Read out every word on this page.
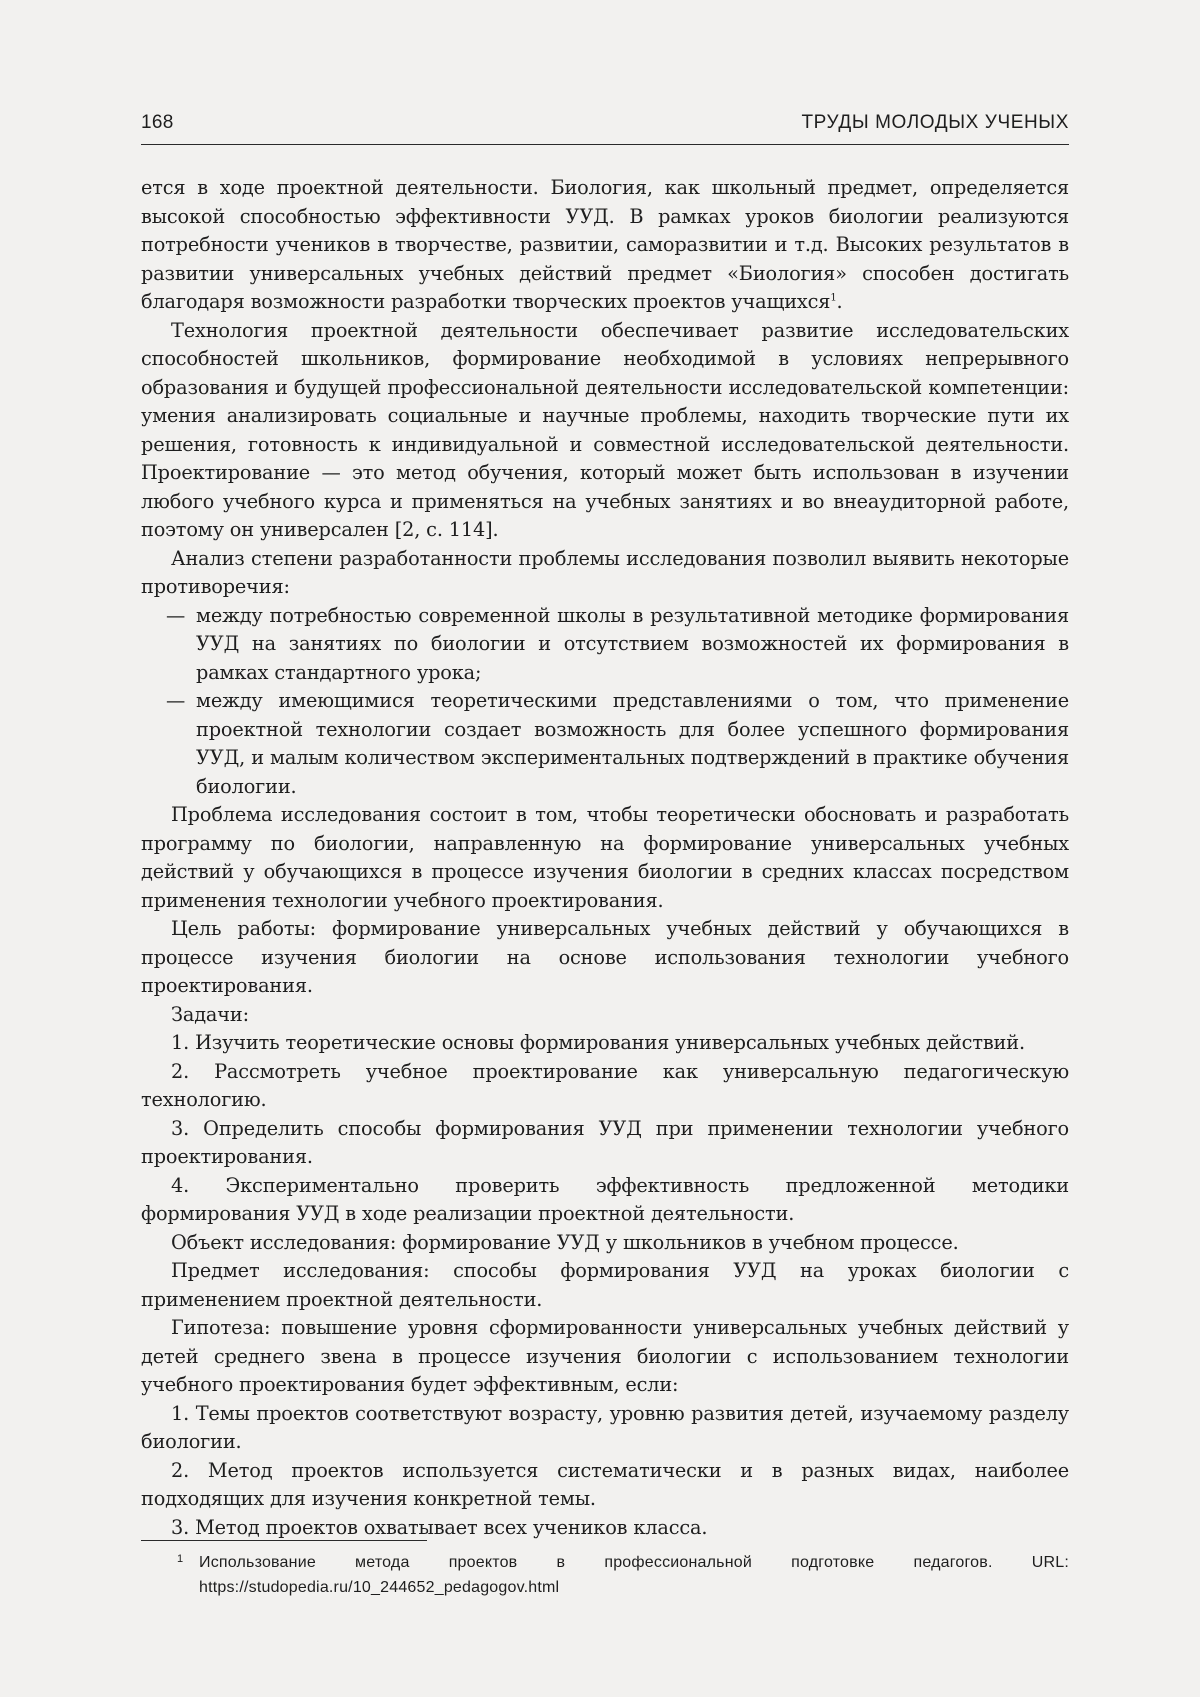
168	ТРУДЫ МОЛОДЫХ УЧЕНЫХ

ется в ходе проектной деятельности. Биология, как школьный предмет, определяется высокой способностью эффективности УУД. В рамках уроков биологии реализуются потребности учеников в творчестве, развитии, саморазвитии и т.д. Высоких результатов в развитии универсальных учебных действий предмет «Биология» способен достигать благодаря возможности разработки творческих проектов учащихся$^1$.

Технология проектной деятельности обеспечивает развитие исследовательских способностей школьников, формирование необходимой в условиях непрерывного образования и будущей профессиональной деятельности исследовательской компетенции: умения анализировать социальные и научные проблемы, находить творческие пути их решения, готовность к индивидуальной и совместной исследовательской деятельности. Проектирование — это метод обучения, который может быть использован в изучении любого учебного курса и применяться на учебных занятиях и во внеаудиторной работе, поэтому он универсален [2, с. 114].

Анализ степени разработанности проблемы исследования позволил выявить некоторые противоречия:

— между потребностью современной школы в результативной методике формирования УУД на занятиях по биологии и отсутствием возможностей их формирования в рамках стандартного урока;
— между имеющимися теоретическими представлениями о том, что применение проектной технологии создает возможность для более успешного формирования УУД, и малым количеством экспериментальных подтверждений в практике обучения биологии.

Проблема исследования состоит в том, чтобы теоретически обосновать и разработать программу по биологии, направленную на формирование универсальных учебных действий у обучающихся в процессе изучения биологии в средних классах посредством применения технологии учебного проектирования.

Цель работы: формирование универсальных учебных действий у обучающихся в процессе изучения биологии на основе использования технологии учебного проектирования.

Задачи:

1. Изучить теоретические основы формирования универсальных учебных действий.

2. Рассмотреть учебное проектирование как универсальную педагогическую технологию.

3. Определить способы формирования УУД при применении технологии учебного проектирования.

4. Экспериментально проверить эффективность предложенной методики формирования УУД в ходе реализации проектной деятельности.

Объект исследования: формирование УУД у школьников в учебном процессе.

Предмет исследования: способы формирования УУД на уроках биологии с применением проектной деятельности.

Гипотеза: повышение уровня сформированности универсальных учебных действий у детей среднего звена в процессе изучения биологии с использованием технологии учебного проектирования будет эффективным, если:

1. Темы проектов соответствуют возрасту, уровню развития детей, изучаемому разделу биологии.

2. Метод проектов используется систематически и в разных видах, наиболее подходящих для изучения конкретной темы.

3. Метод проектов охватывает всех учеников класса.

1 Использование метода проектов в профессиональной подготовке педагогов. URL: https://studopedia.ru/10_244652_pedagogov.html
